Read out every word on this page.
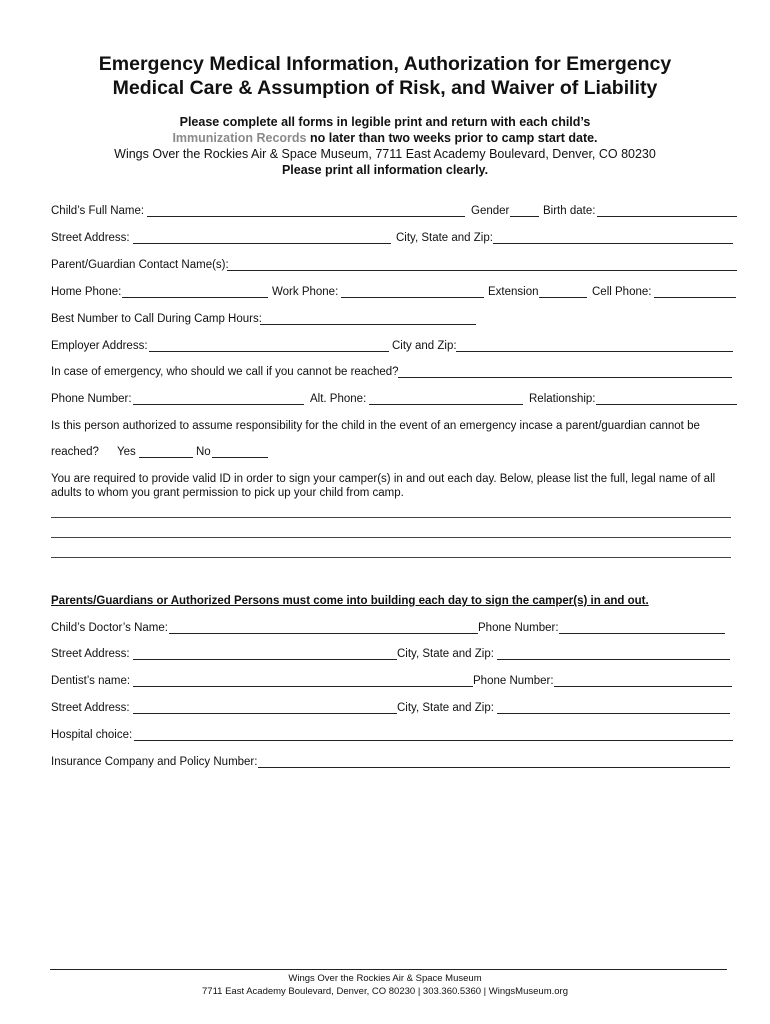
Emergency Medical Information, Authorization for Emergency
Medical Care & Assumption of Risk, and Waiver of Liability
Please complete all forms in legible print and return with each child’s
Immunization Records no later than two weeks prior to camp start date.
Wings Over the Rockies Air & Space Museum, 7711 East Academy Boulevard, Denver, CO 80230
Please print all information clearly.
Child’s Full Name:	Gender	Birth date:
Street Address:	City, State and Zip:
Parent/Guardian Contact Name(s):
Home Phone:	Work Phone:	Extension	Cell Phone:
Best Number to Call During Camp Hours:
Employer Address:	City and Zip:
In case of emergency, who should we call if you cannot be reached?
Phone Number:	Alt. Phone:	Relationship:
Is this person authorized to assume responsibility for the child in the event of an emergency incase a parent/guardian cannot be
reached? Yes	No
You are required to provide valid ID in order to sign your camper(s) in and out each day. Below, please list the full, legal name of all adults to whom you grant permission to pick up your child from camp.
Parents/Guardians or Authorized Persons must come into building each day to sign the camper(s) in and out.
Child’s Doctor’s Name:	Phone Number:
Street Address:	City, State and Zip:
Dentist’s name:	Phone Number:
Street Address:	City, State and Zip:
Hospital choice:
Insurance Company and Policy Number:
Wings Over the Rockies Air & Space Museum
7711 East Academy Boulevard, Denver, CO 80230 | 303.360.5360 | WingsMuseum.org
